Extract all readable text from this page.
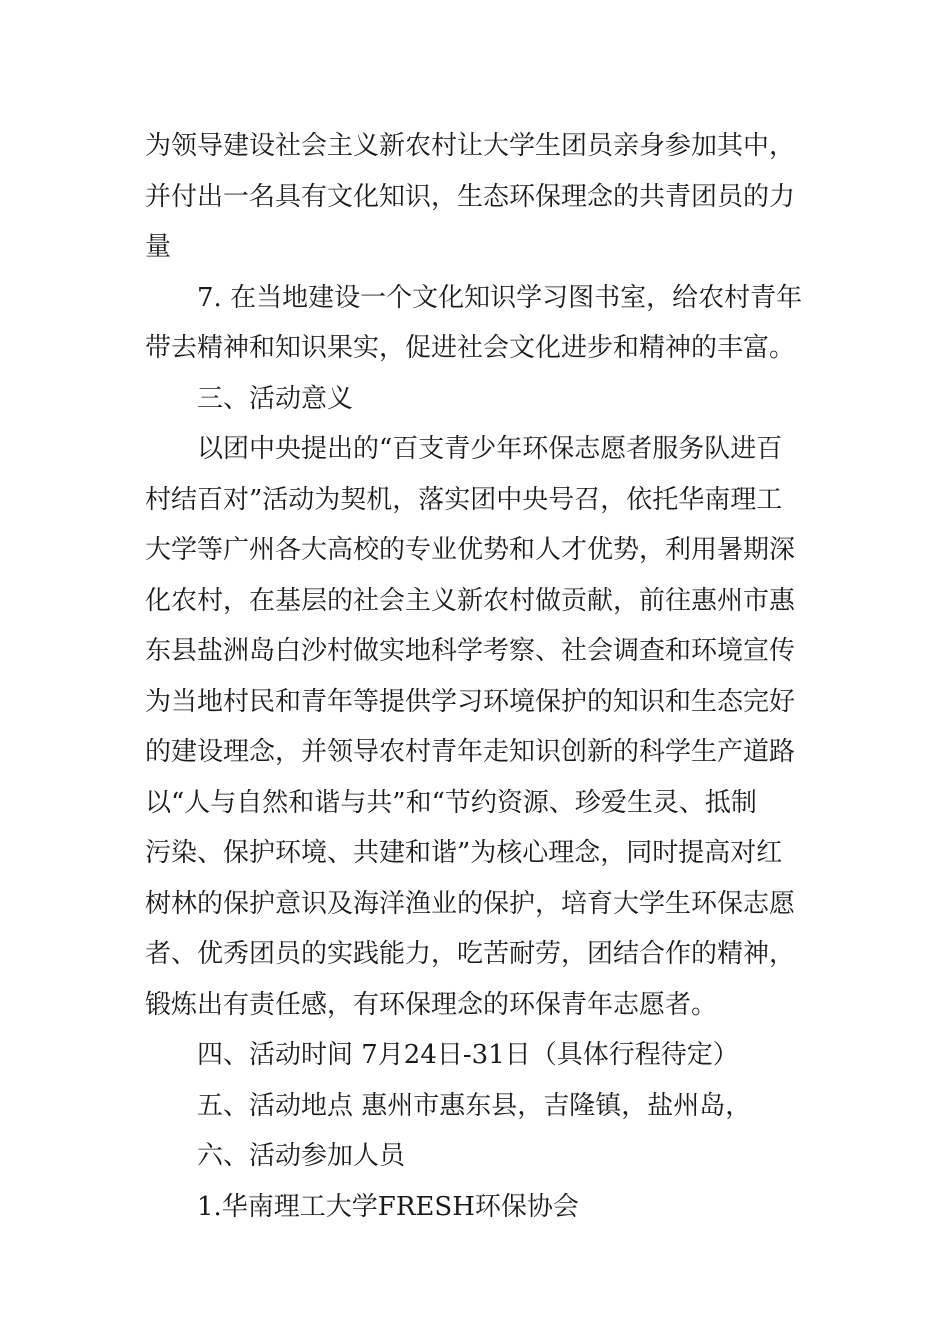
为领导建设社会主义新农村让大学生团员亲身参加其中，
并付出一名具有文化知识，生态环保理念的共青团员的力
量
7. 在当地建设一个文化知识学习图书室，给农村青年
带去精神和知识果实，促进社会文化进步和精神的丰富。
三、活动意义
以团中央提出的“百支青少年环保志愿者服务队进百
村结百对”活动为契机，落实团中央号召，依托华南理工
大学等广州各大高校的专业优势和人才优势，利用暑期深
化农村，在基层的社会主义新农村做贡献，前往惠州市惠
东县盐洲岛白沙村做实地科学考察、社会调查和环境宣传
为当地村民和青年等提供学习环境保护的知识和生态完好
的建设理念，并领导农村青年走知识创新的科学生产道路
以“人与自然和谐与共”和“节约资源、珍爱生灵、抵制
污染、保护环境、共建和谐”为核心理念，同时提高对红
树林的保护意识及海洋渔业的保护，培育大学生环保志愿
者、优秀团员的实践能力，吃苦耐劳，团结合作的精神，
锻炼出有责任感，有环保理念的环保青年志愿者。
四、活动时间 7月24日-31日（具体行程待定）
五、活动地点 惠州市惠东县，吉隆镇，盐州岛，
六、活动参加人员
1.华南理工大学FRESH环保协会
